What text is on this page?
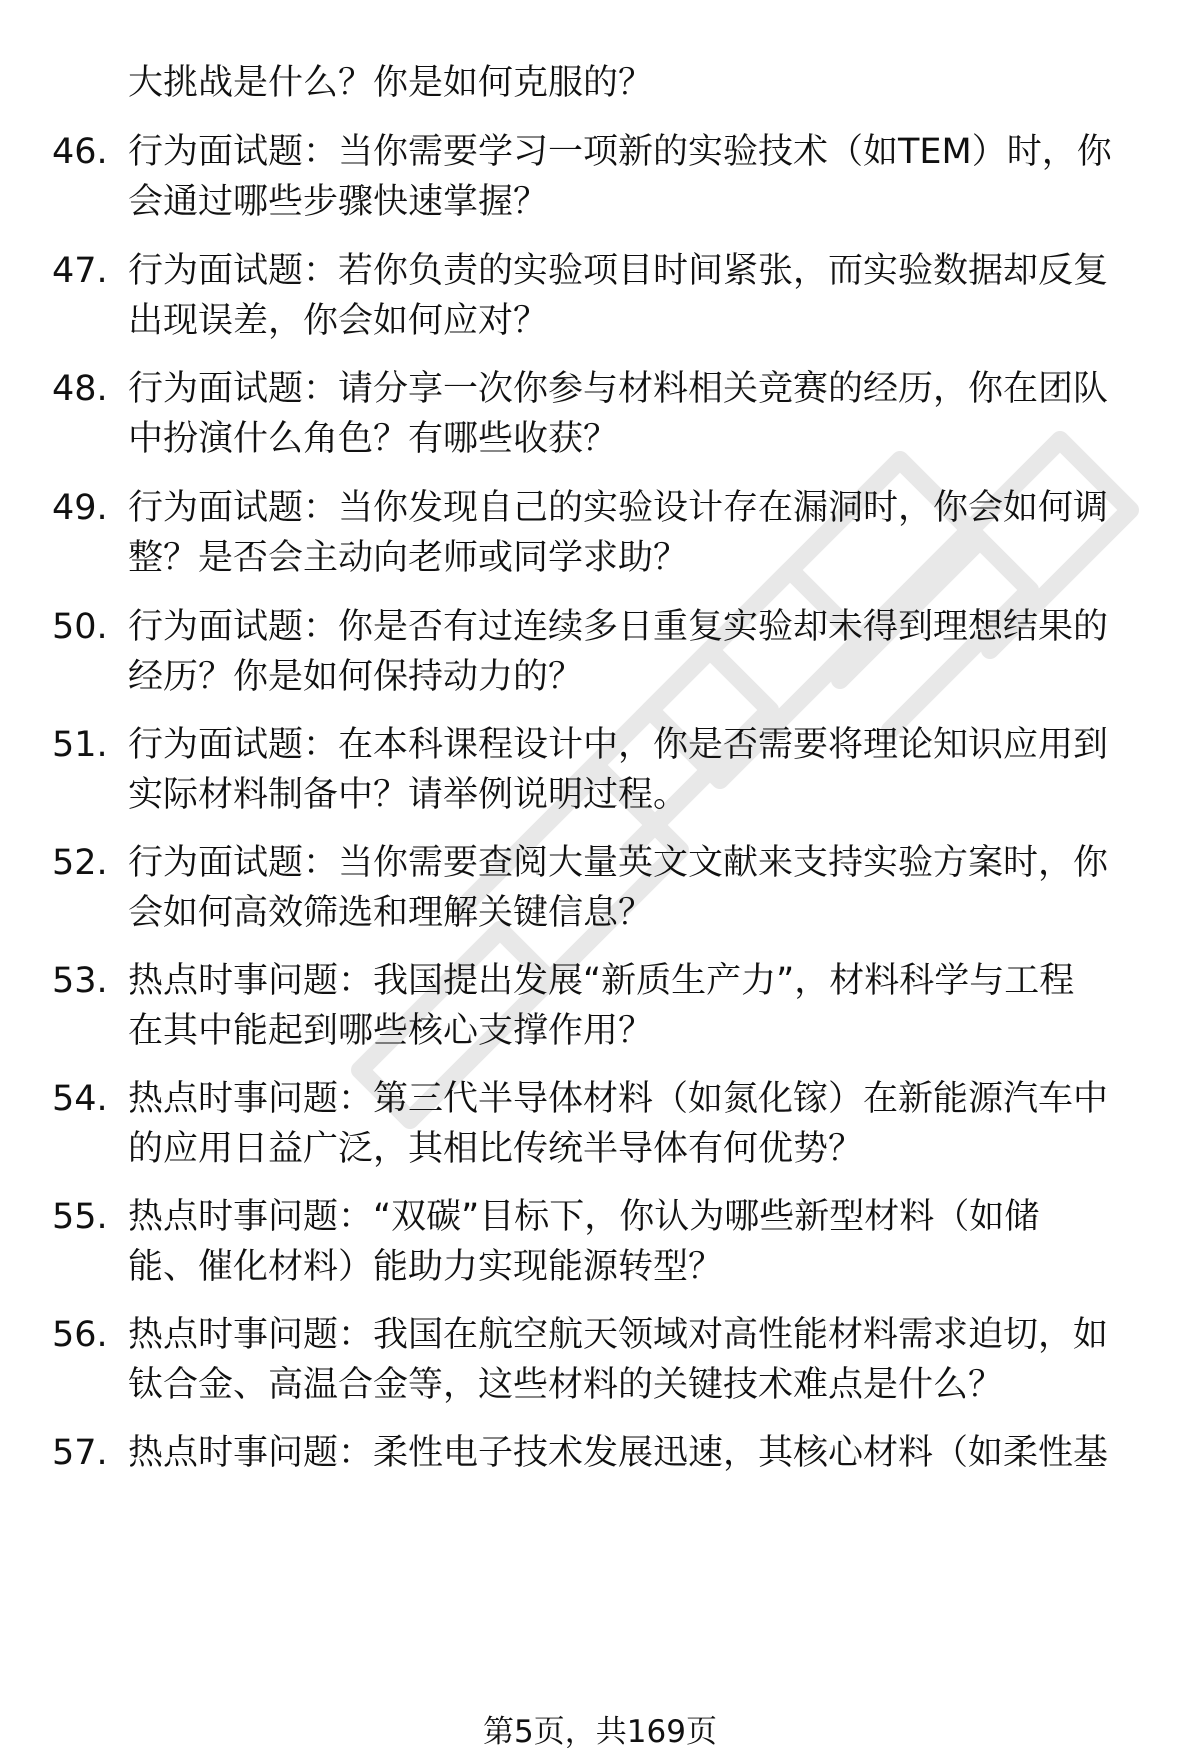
大挑战是什么？你是如何克服的？
46. 行为面试题：当你需要学习一项新的实验技术（如TEM）时，你
会通过哪些步骤快速掌握？
47. 行为面试题：若你负责的实验项目时间紧张，而实验数据却反复
出现误差，你会如何应对？
48. 行为面试题：请分享一次你参与材料相关竞赛的经历，你在团队
中扮演什么角色？有哪些收获？
49. 行为面试题：当你发现自己的实验设计存在漏洞时，你会如何调
整？是否会主动向老师或同学求助？
50. 行为面试题：你是否有过连续多日重复实验却未得到理想结果的
经历？你是如何保持动力的？
51. 行为面试题：在本科课程设计中，你是否需要将理论知识应用到
实际材料制备中？请举例说明过程。
52. 行为面试题：当你需要查阅大量英文文献来支持实验方案时，你
会如何高效筛选和理解关键信息？
53. 热点时事问题：我国提出发展“新质生产力”，材料科学与工程
在其中能起到哪些核心支撑作用？
54. 热点时事问题：第三代半导体材料（如氮化镓）在新能源汽车中
的应用日益广泛，其相比传统半导体有何优势？
55. 热点时事问题：“双碳”目标下，你认为哪些新型材料（如储
能、催化材料）能助力实现能源转型？
56. 热点时事问题：我国在航空航天领域对高性能材料需求迫切，如
钛合金、高温合金等，这些材料的关键技术难点是什么？
57. 热点时事问题：柔性电子技术发展迅速，其核心材料（如柔性基
第5页，共169页
